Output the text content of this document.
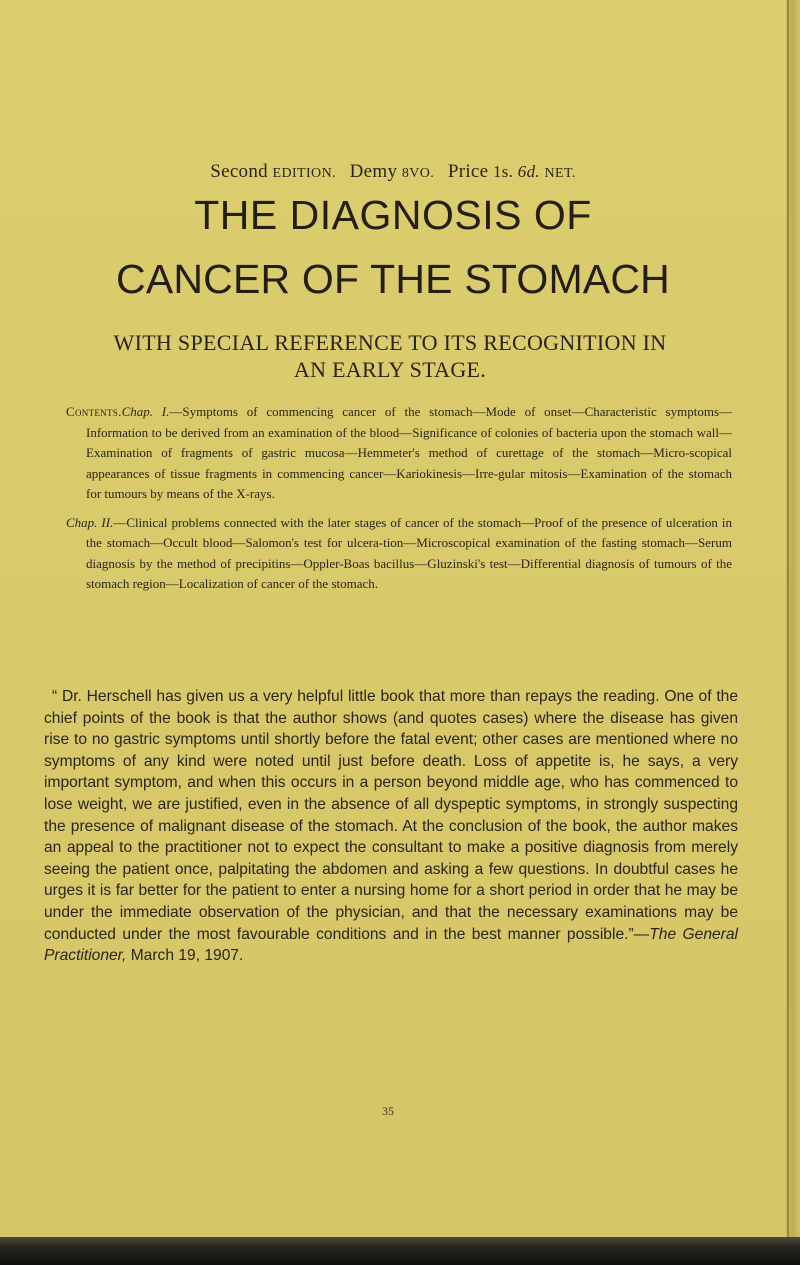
Second EDITION. Demy 8VO. Price 1s. 6d. NET.
THE DIAGNOSIS OF
CANCER OF THE STOMACH
WITH SPECIAL REFERENCE TO ITS RECOGNITION IN
AN EARLY STAGE.

Contents.Chap. I.—Symptoms of commencing cancer of the stomach—Mode of onset—Characteristic symptoms—Information to be derived from an examination of the blood—Significance of colonies of bacteria upon the stomach wall—Examination of fragments of gastric mucosa—Hemmeter's method of curettage of the stomach—Micro-scopical appearances of tissue fragments in commencing cancer—Kariokinesis—Irre-gular mitosis—Examination of the stomach for tumours by means of the X-rays.

Chap. II.—Clinical problems connected with the later stages of cancer of the stomach—Proof of the presence of ulceration in the stomach—Occult blood—Salomon's test for ulcera-tion—Microscopical examination of the fasting stomach—Serum diagnosis by the method of precipitins—Oppler-Boas bacillus—Gluzinski's test—Differential diagnosis of tumours of the stomach region—Localization of cancer of the stomach.

“ Dr. Herschell has given us a very helpful little book that more than repays the reading. One of the chief points of the book is that the author shows (and quotes cases) where the disease has given rise to no gastric symptoms until shortly before the fatal event; other cases are mentioned where no symptoms of any kind were noted until just before death. Loss of appetite is, he says, a very important symptom, and when this occurs in a person beyond middle age, who has commenced to lose weight, we are justified, even in the absence of all dyspeptic symptoms, in strongly suspecting the presence of malignant disease of the stomach. At the conclusion of the book, the author makes an appeal to the practitioner not to expect the consultant to make a positive diagnosis from merely seeing the patient once, palpitating the abdomen and asking a few questions. In doubtful cases he urges it is far better for the patient to enter a nursing home for a short period in order that he may be under the immediate observation of the physician, and that the necessary examinations may be conducted under the most favourable conditions and in the best manner possible.”—The General Practitioner, March 19, 1907.

35
